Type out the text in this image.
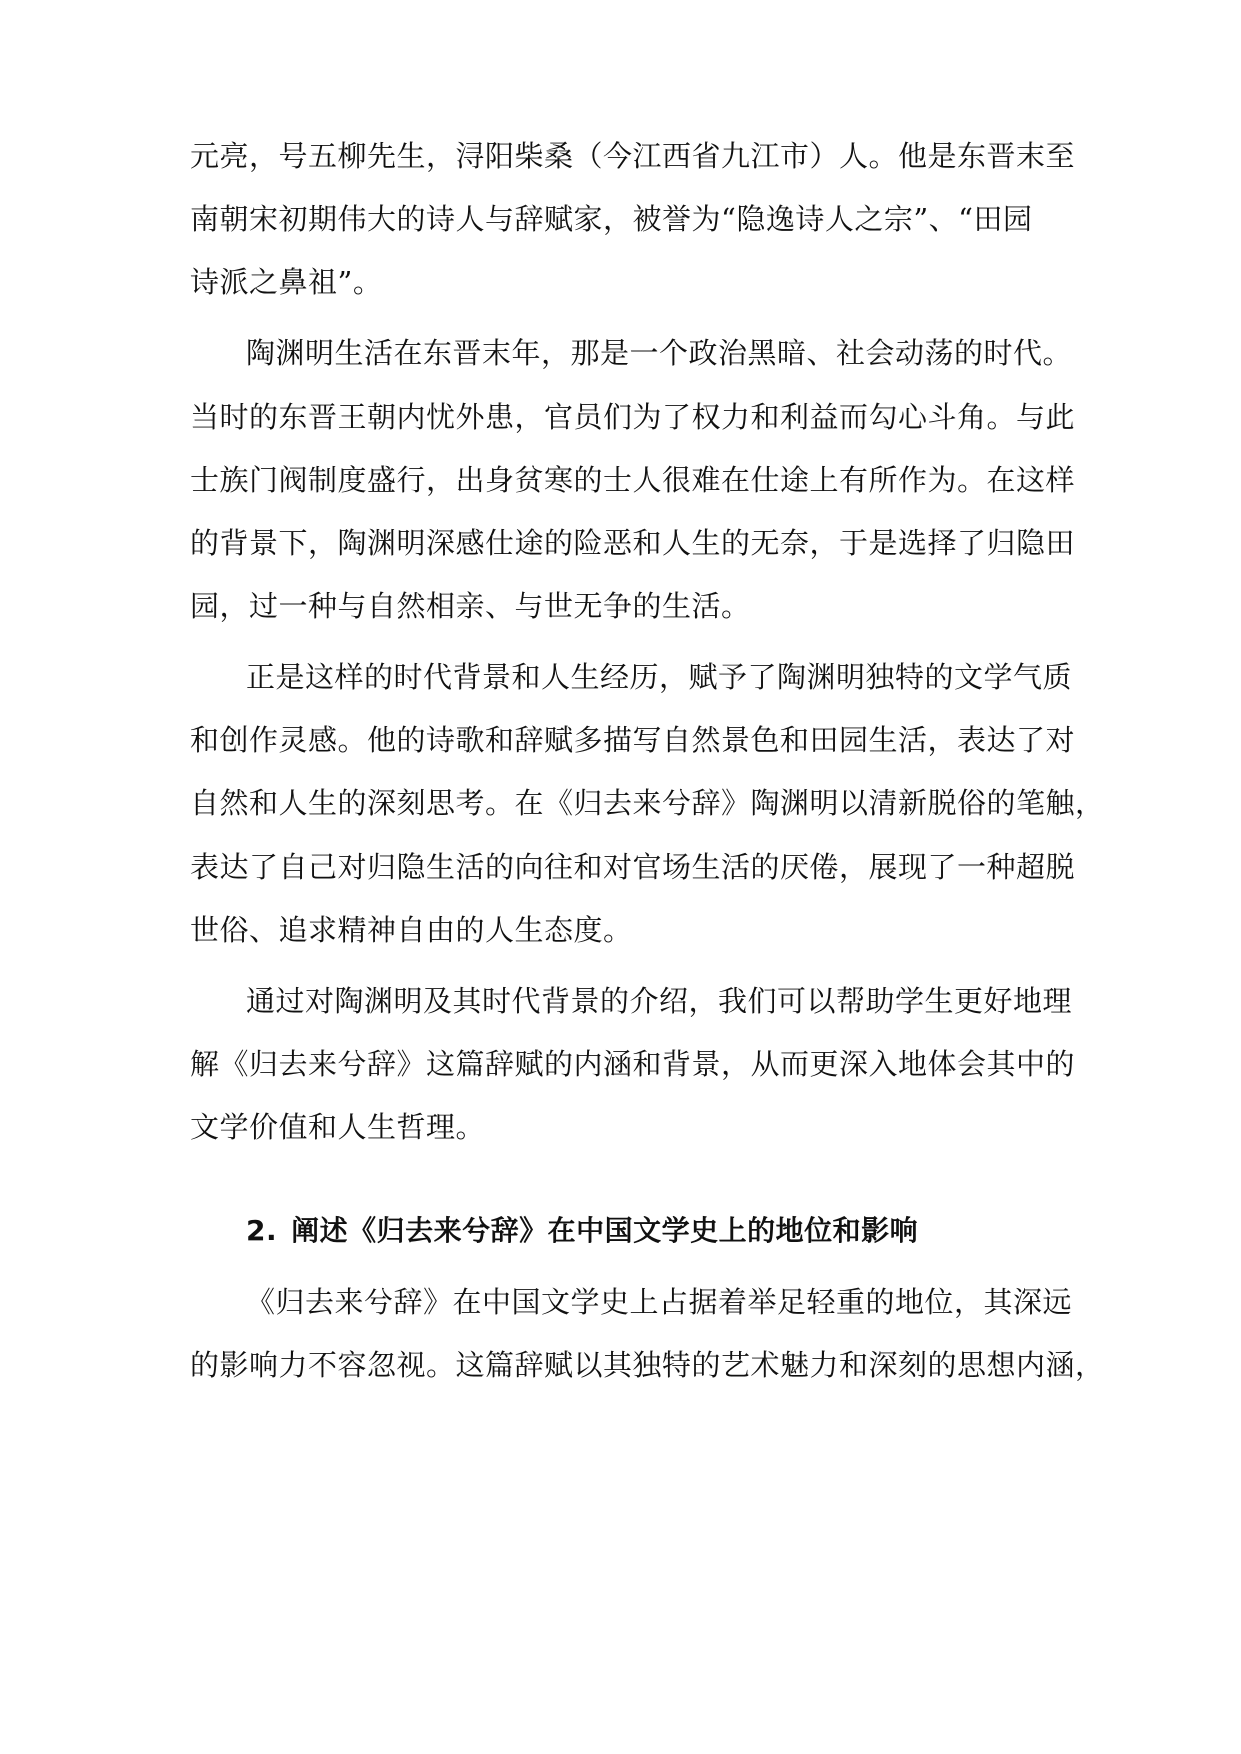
元亮，号五柳先生，浔阳柴桑（今江西省九江市）人。他是东晋末至
南朝宋初期伟大的诗人与辞赋家，被誉为“隐逸诗人之宗”、“田园
诗派之鼻祖”。
陶渊明生活在东晋末年，那是一个政治黑暗、社会动荡的时代。
当时的东晋王朝内忧外患，官员们为了权力和利益而勾心斗角。与此
士族门阀制度盛行，出身贫寒的士人很难在仕途上有所作为。在这样
的背景下，陶渊明深感仕途的险恶和人生的无奈，于是选择了归隐田
园，过一种与自然相亲、与世无争的生活。
正是这样的时代背景和人生经历，赋予了陶渊明独特的文学气质
和创作灵感。他的诗歌和辞赋多描写自然景色和田园生活，表达了对
自然和人生的深刻思考。在《归去来兮辞》陶渊明以清新脱俗的笔触，
表达了自己对归隐生活的向往和对官场生活的厌倦，展现了一种超脱
世俗、追求精神自由的人生态度。
通过对陶渊明及其时代背景的介绍，我们可以帮助学生更好地理
解《归去来兮辞》这篇辞赋的内涵和背景，从而更深入地体会其中的
文学价值和人生哲理。
2. 阐述《归去来兮辞》在中国文学史上的地位和影响
《归去来兮辞》在中国文学史上占据着举足轻重的地位，其深远
的影响力不容忽视。这篇辞赋以其独特的艺术魅力和深刻的思想内涵，
